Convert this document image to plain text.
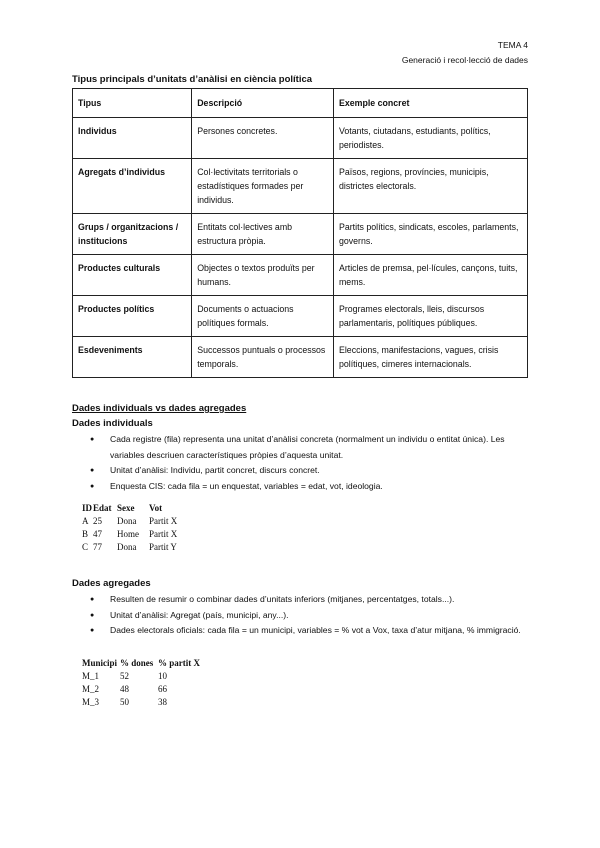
TEMA 4
Generació i recol·lecció de dades
Tipus principals d’unitats d’anàlisi en ciència política
Tipus	Descripció	Exemple concret
Individus	Persones concretes.	Votants, ciutadans, estudiants, polítics, periodistes.
Agregats d’individus	Col·lectivitats territorials o estadístiques formades per individus.	Països, regions, províncies, municipis, districtes electorals.
Grups / organitzacions / institucions	Entitats col·lectives amb estructura pròpia.	Partits polítics, sindicats, escoles, parlaments, governs.
Productes culturals	Objectes o textos produïts per humans.	Articles de premsa, pel·lícules, cançons, tuits, mems.
Productes polítics	Documents o actuacions polítiques formals.	Programes electorals, lleis, discursos parlamentaris, polítiques públiques.
Esdeveniments	Successos puntuals o processos temporals.	Eleccions, manifestacions, vagues, crisis polítiques, cimeres internacionals.
Dades individuals vs dades agregades
Dades individuals
● Cada registre (fila) representa una unitat d’anàlisi concreta (normalment un individu o entitat única). Les variables descriuen característiques pròpies d’aquesta unitat.
● Unitat d’anàlisi: Individu, partit concret, discurs concret.
● Enquesta CIS: cada fila = un enquestat, variables = edat, vot, ideologia.
ID	Edat	Sexe	Vot
A	25	Dona	Partit X
B	47	Home	Partit X
C	77	Dona	Partit Y
Dades agregades
● Resulten de resumir o combinar dades d’unitats inferiors (mitjanes, percentatges, totals...).
● Unitat d’anàlisi: Agregat (país, municipi, any...).
● Dades electorals oficials: cada fila = un municipi, variables = % vot a Vox, taxa d’atur mitjana, % immigració.
Municipi	% dones	% partit X
M_1	52	10
M_2	48	66
M_3	50	38
